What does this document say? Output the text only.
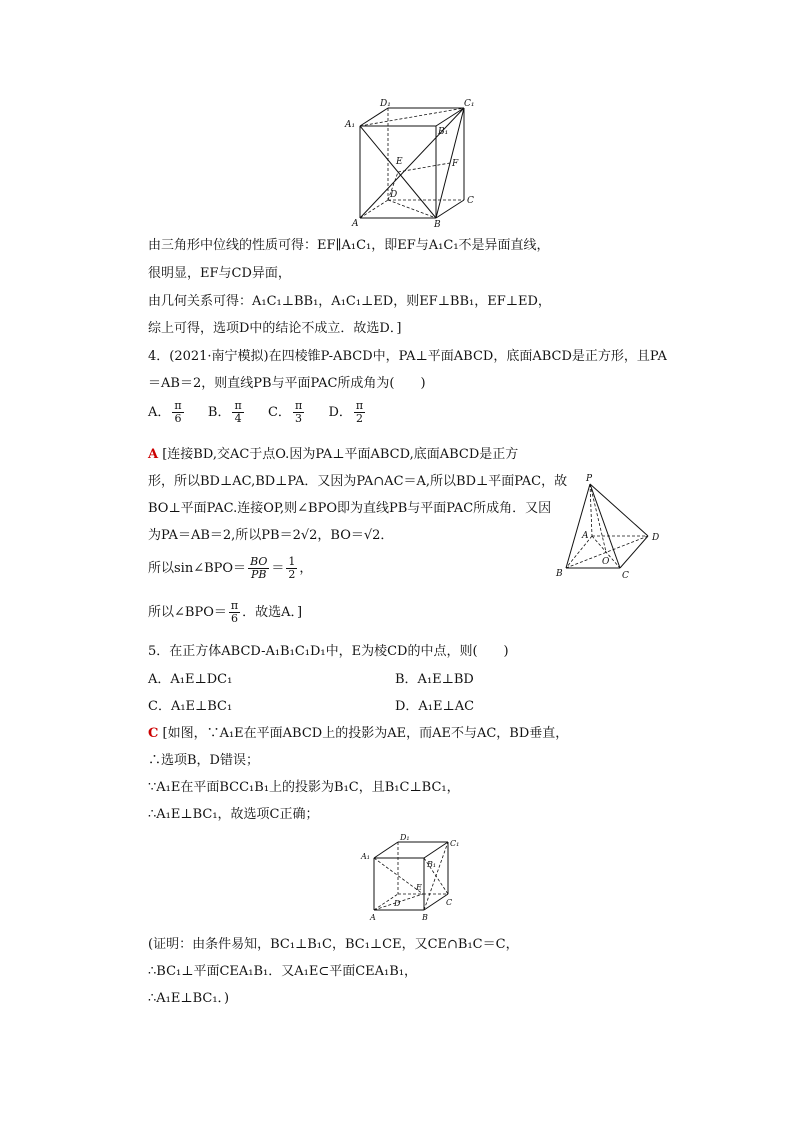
D₁	C₁
A₁
B₁
E	F
D
C
A	B
由三角形中位线的性质可得：EF∥A₁C₁，即EF与A₁C₁不是异面直线，
很明显，EF与CD异面，
由几何关系可得：A₁C₁⊥BB₁，A₁C₁⊥ED，则EF⊥BB₁，EF⊥ED，
综上可得，选项D中的结论不成立．故选D．]
4．(2021·南宁模拟)在四棱锥P-ABCD中，PA⊥平面ABCD，底面ABCD是正方形，且PA
＝AB＝2，则直线PB与平面PAC所成角为(　　)
A． $\frac{\pi}{6}$ B． $\frac{\pi}{4}$ C． $\frac{\pi}{3}$ D． $\frac{\pi}{2}$
A [连接BD,交AC于点O.因为PA⊥平面ABCD,底面ABCD是正方
形，所以BD⊥AC,BD⊥PA．又因为PA∩AC＝A,所以BD⊥平面PAC，故
BO⊥平面PAC.连接OP,则∠BPO即为直线PB与平面PAC所成角．又因
为PA＝AB＝2,所以PB＝2√2，BO＝√2．
所以sin∠BPO＝ $\frac{BO}{PB} = \frac{1}{2}$ ，
所以∠BPO＝ $\frac{\pi}{6}$ ．故选A．]
P
D
A
O
B	C
5．在正方体ABCD-A₁B₁C₁D₁中，E为棱CD的中点，则(　　)
A．A₁E⊥DC₁	B．A₁E⊥BD
C．A₁E⊥BC₁	D．A₁E⊥AC
C [如图，∵A₁E在平面ABCD上的投影为AE，而AE不与AC，BD垂直，
∴选项B，D错误；
∵A₁E在平面BCC₁B₁上的投影为B₁C，且B₁C⊥BC₁，
∴A₁E⊥BC₁，故选项C正确；
D₁
C₁
A₁
B₁
E
D	C
A	B
(证明：由条件易知，BC₁⊥B₁C，BC₁⊥CE，又CE∩B₁C＝C，
∴BC₁⊥平面CEA₁B₁．又A₁E⊂平面CEA₁B₁，
∴A₁E⊥BC₁．)
